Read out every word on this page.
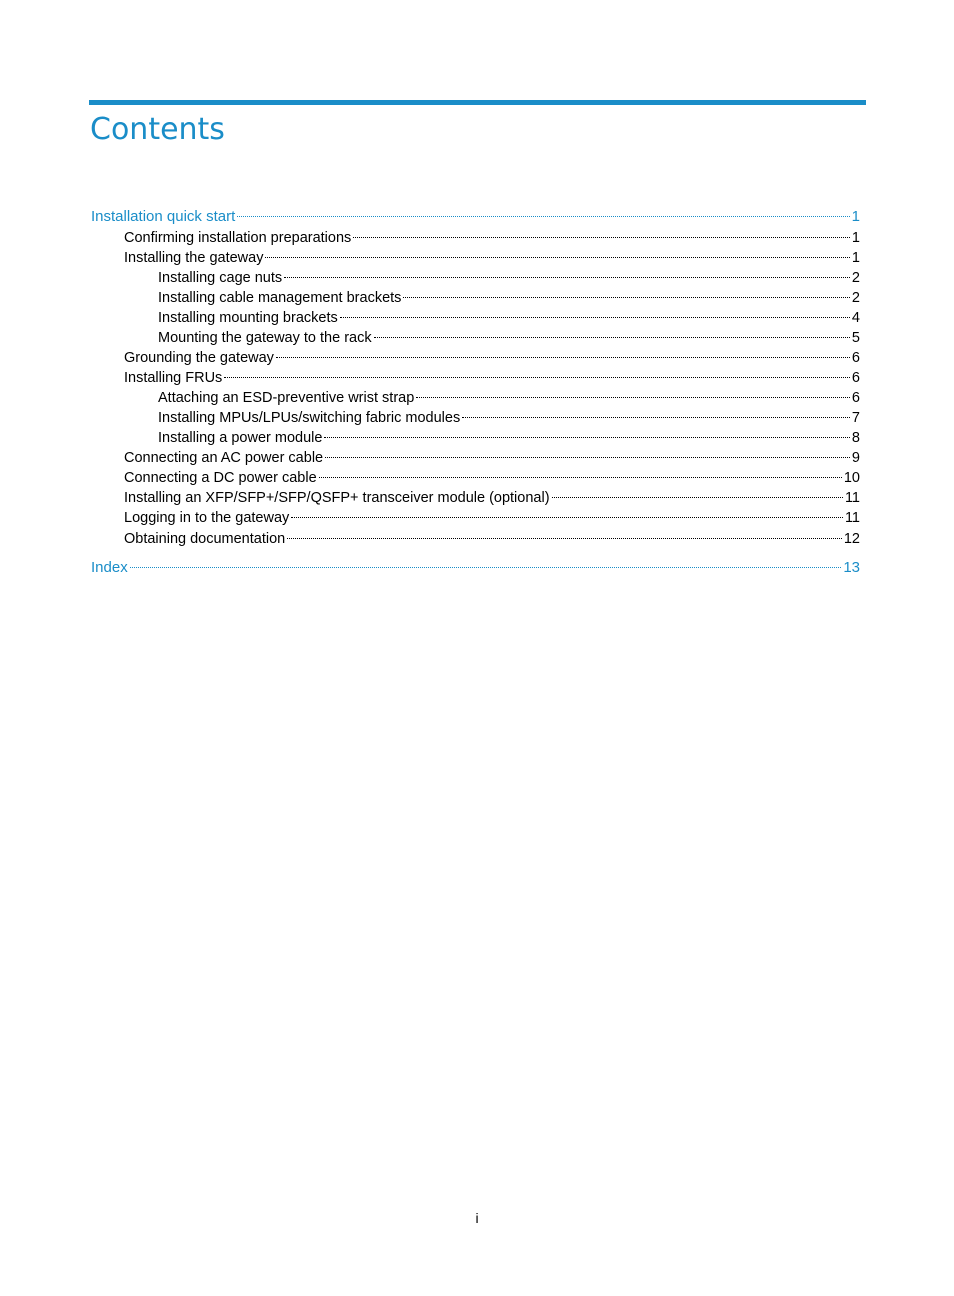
Contents
Installation quick start	1
Confirming installation preparations	1
Installing the gateway	1
Installing cage nuts	2
Installing cable management brackets	2
Installing mounting brackets	4
Mounting the gateway to the rack	5
Grounding the gateway	6
Installing FRUs	6
Attaching an ESD-preventive wrist strap	6
Installing MPUs/LPUs/switching fabric modules	7
Installing a power module	8
Connecting an AC power cable	9
Connecting a DC power cable	10
Installing an XFP/SFP+/SFP/QSFP+ transceiver module (optional)	11
Logging in to the gateway	11
Obtaining documentation	12
Index	13
i
